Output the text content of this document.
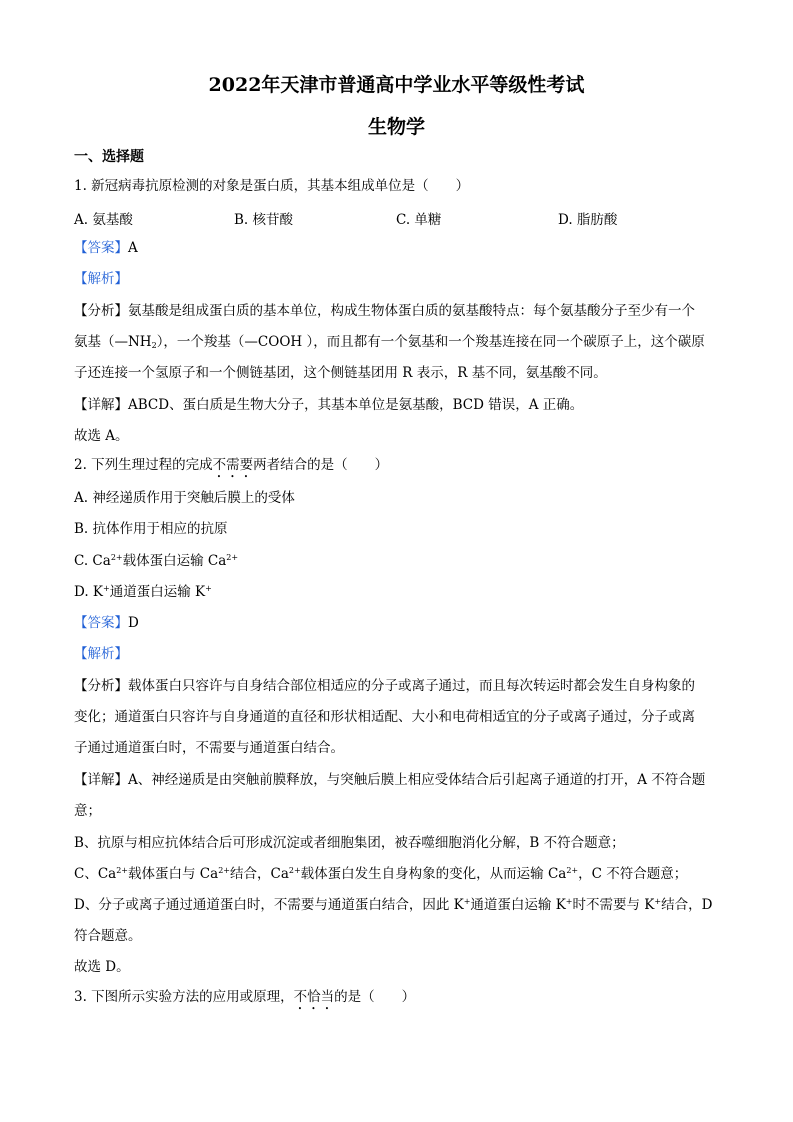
2022年天津市普通高中学业水平等级性考试
生物学
一、选择题
1. 新冠病毒抗原检测的对象是蛋白质，其基本组成单位是（　　）
A. 氨基酸	B. 核苷酸	C. 单糖	D. 脂肪酸
【答案】A
【解析】
【分析】氨基酸是组成蛋白质的基本单位，构成生物体蛋白质的氨基酸特点：每个氨基酸分子至少有一个
氨基$(—NH_2)$，一个羧基（—COOH ），而且都有一个氨基和一个羧基连接在同一个碳原子上，这个碳原
子还连接一个氢原子和一个侧链基团，这个侧链基团用 R 表示，R 基不同，氨基酸不同。
【详解】ABCD、蛋白质是生物大分子，其基本单位是氨基酸，BCD 错误，A 正确。
故选 A。
2. 下列生理过程的完成不需要两者结合的是（　　）
A. 神经递质作用于突触后膜上的受体
B. 抗体作用于相应的抗原
C. $Ca^{2+}$载体蛋白运输 $Ca^{2+}$
D. K+通道蛋白运输 K+
【答案】D
【解析】
【分析】载体蛋白只容许与自身结合部位相适应的分子或离子通过，而且每次转运时都会发生自身构象的
变化；通道蛋白只容许与自身通道的直径和形状相适配、大小和电荷相适宜的分子或离子通过，分子或离
子通过通道蛋白时，不需要与通道蛋白结合。
【详解】A、神经递质是由突触前膜释放，与突触后膜上相应受体结合后引起离子通道的打开，A 不符合题
意；
B、抗原与相应抗体结合后可形成沉淀或者细胞集团，被吞噬细胞消化分解，B 不符合题意；
C、$Ca^{2+}$载体蛋白与 $Ca^{2+}$结合，$Ca^{2+}$载体蛋白发生自身构象的变化，从而运输 $Ca^{2+}$，C 不符合题意；
D、分子或离子通过通道蛋白时，不需要与通道蛋白结合，因此 K+通道蛋白运输 K+时不需要与 K+结合，D
符合题意。
故选 D。
3. 下图所示实验方法的应用或原理，不恰当的是（　　）
